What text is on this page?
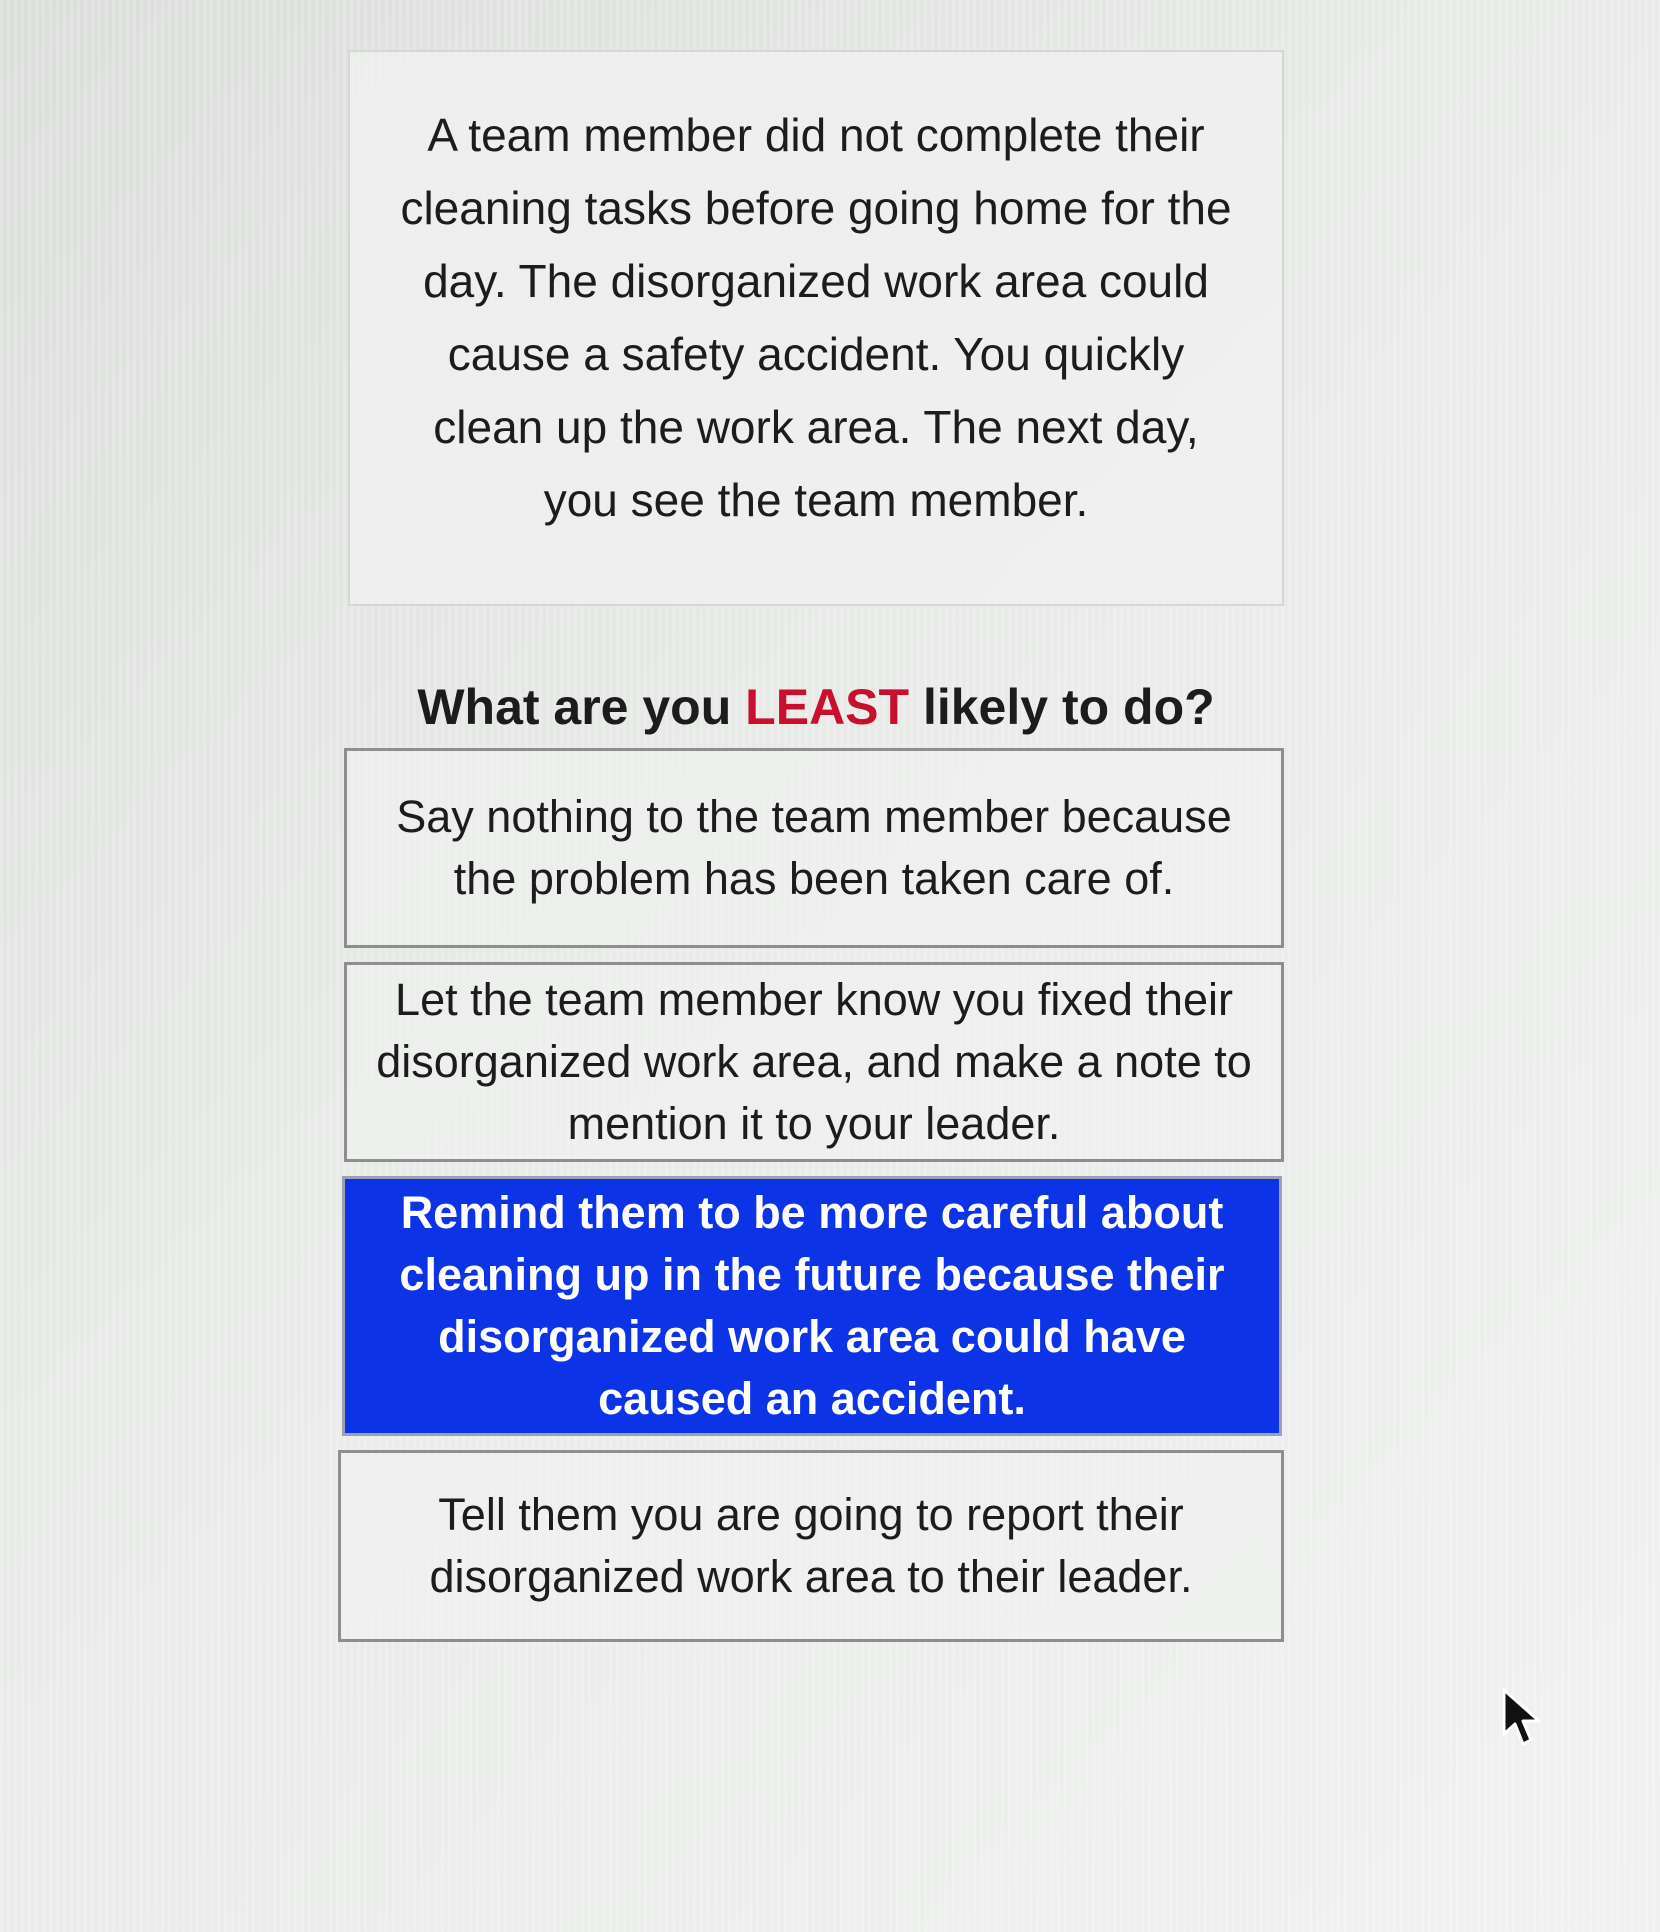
A team member did not complete their cleaning tasks before going home for the day. The disorganized work area could cause a safety accident. You quickly clean up the work area. The next day, you see the team member.

What are you LEAST likely to do?
Say nothing to the team member because the problem has been taken care of.
Let the team member know you fixed their disorganized work area, and make a note to mention it to your leader.
Remind them to be more careful about cleaning up in the future because their disorganized work area could have caused an accident.
Tell them you are going to report their disorganized work area to their leader.
